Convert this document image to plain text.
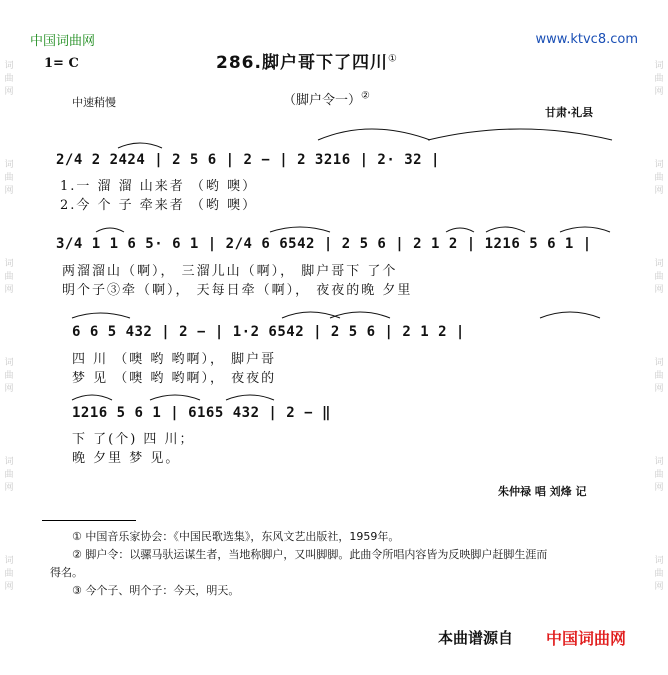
词曲网
词曲网
词曲网
词曲网
词曲网
词曲网
词曲网
词曲网
词曲网
词曲网
词曲网
词曲网
中国词曲网	www.ktvc8.com
1= C	286.脚户哥下了四川①
中速稍慢	（脚户令一）②
甘肃·礼县
2/4 2 2424 | 2 5 6 | 2 − | 2 3216 | 2· 32 |
1.一 溜 溜 山来者 （哟 噢）
2.今 个 子 牵来者 （哟 噢）
3/4 1 1 6 5· 6 1 | 2/4 6 6542 | 2 5 6 | 2 1 2 | 1216 5 6 1 |
两溜溜山（啊）， 三溜儿山（啊）， 脚户哥下 了个
明个子③牵（啊）， 天每日牵（啊）， 夜夜的晚 夕里
6 6 5 432 | 2 − | 1·2 6542 | 2 5 6 | 2 1 2 |
四 川 （噢 哟 哟啊）， 脚户哥
梦 见 （噢 哟 哟啊）， 夜夜的
1216 5 6 1 | 6165 432 | 2 − ‖
下 了(个) 四 川；
晚 夕里 梦 见。
朱仲禄 唱 刘烽 记
① 中国音乐家协会：《中国民歌选集》，东风文艺出版社，1959年。
② 脚户令：以骡马驮运谋生者，当地称脚户，又叫脚脚。此曲令所唱内容皆为反映脚户赶脚生涯而
得名。
③ 今个子、明个子：今天，明天。
本曲谱源自 中国词曲网
